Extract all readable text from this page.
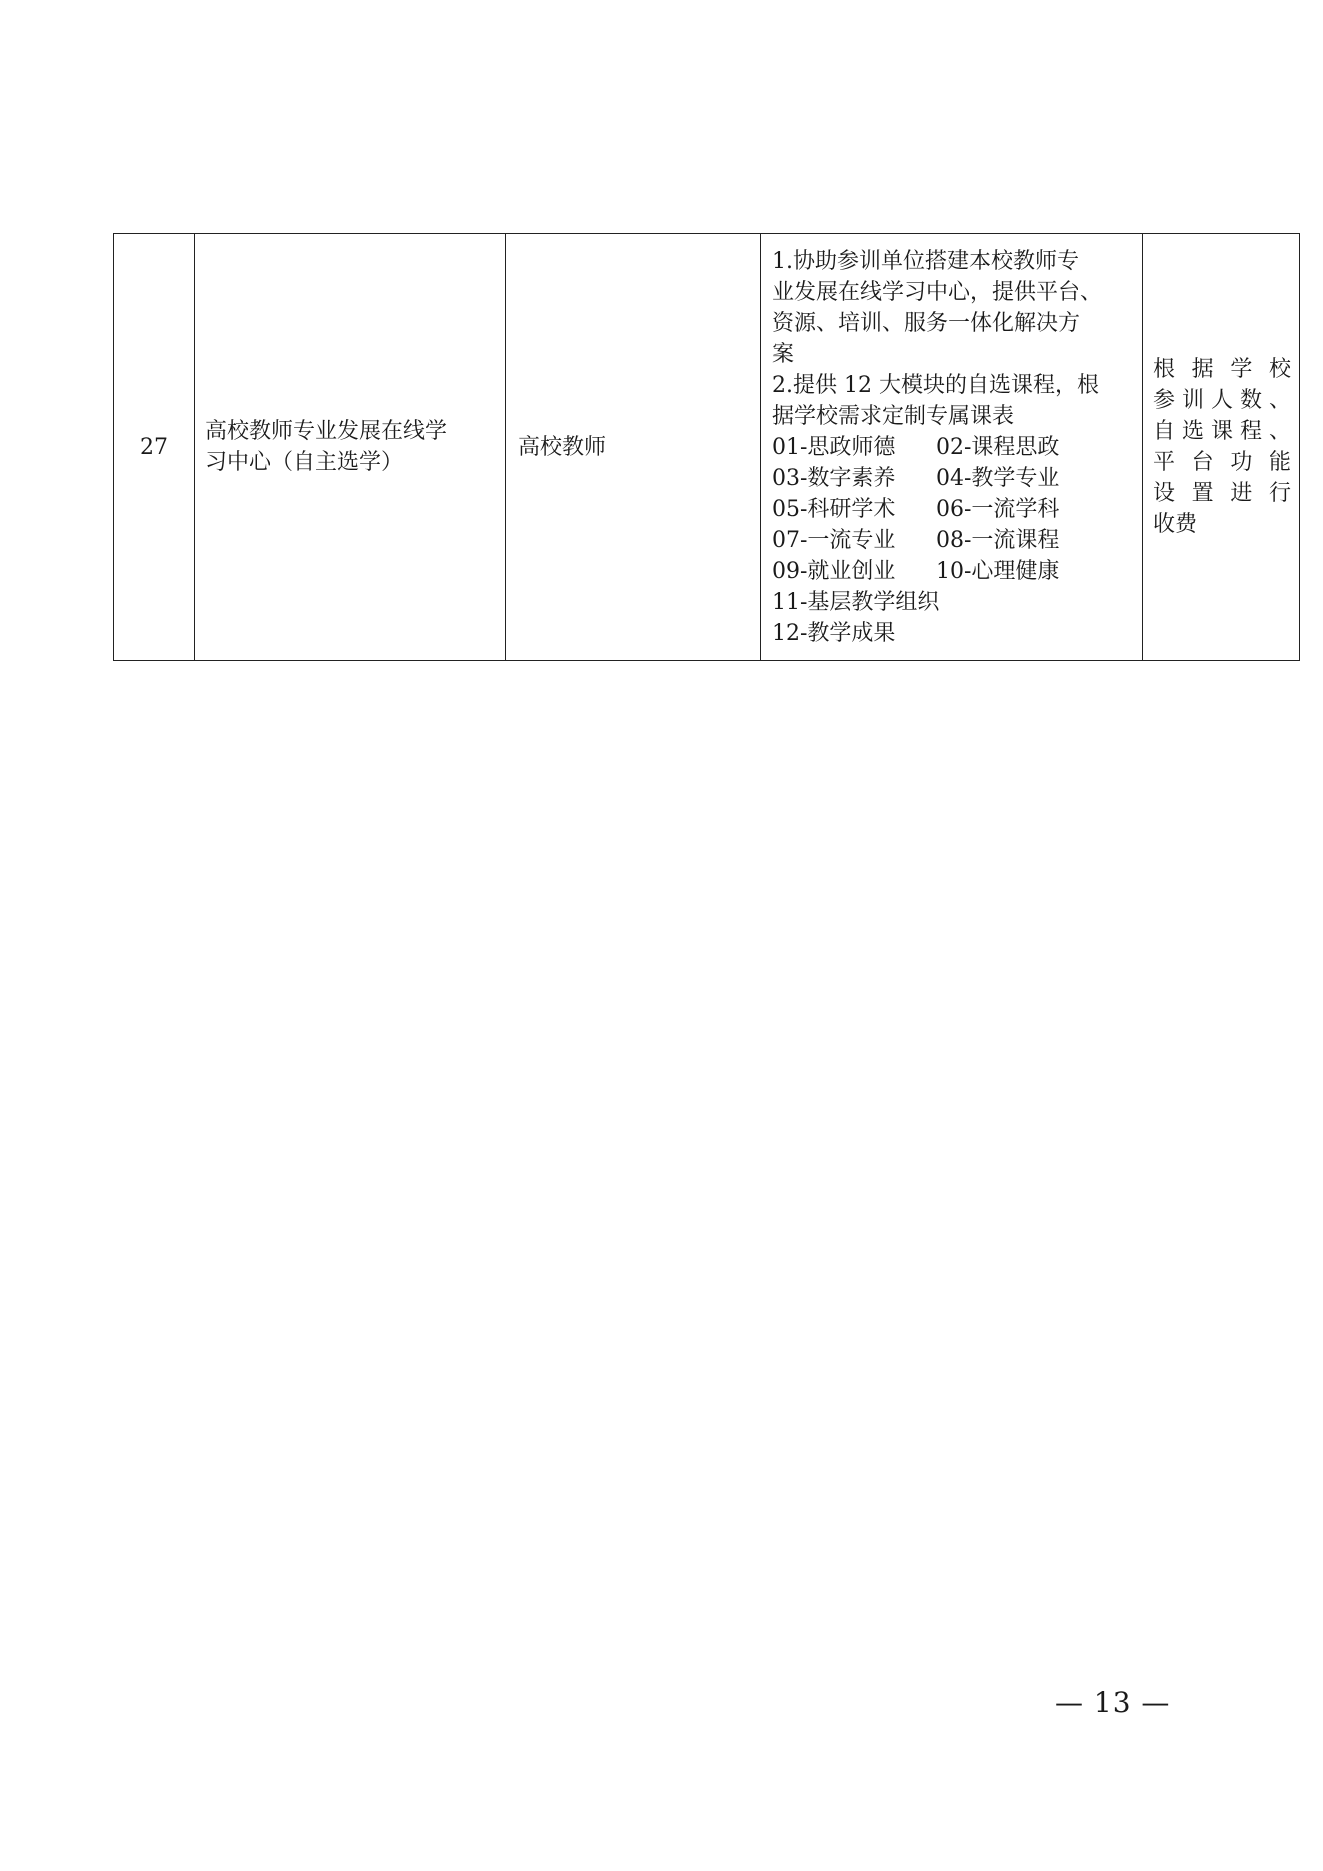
27

高校教师专业发展在线学
习中心（自主选学）

高校教师

1.协助参训单位搭建本校教师专
业发展在线学习中心，提供平台、
资源、培训、服务一体化解决方
案
2.提供 12 大模块的自选课程，根
据学校需求定制专属课表
01-思政师德	02-课程思政
03-数字素养	04-教学专业
05-科研学术	06-一流学科
07-一流专业	08-一流课程
09-就业创业	10-心理健康
11-基层教学组织
12-教学成果

根据学校
参训人数、
自选课程、
平台功能
设置进行
收费
— 13 —
